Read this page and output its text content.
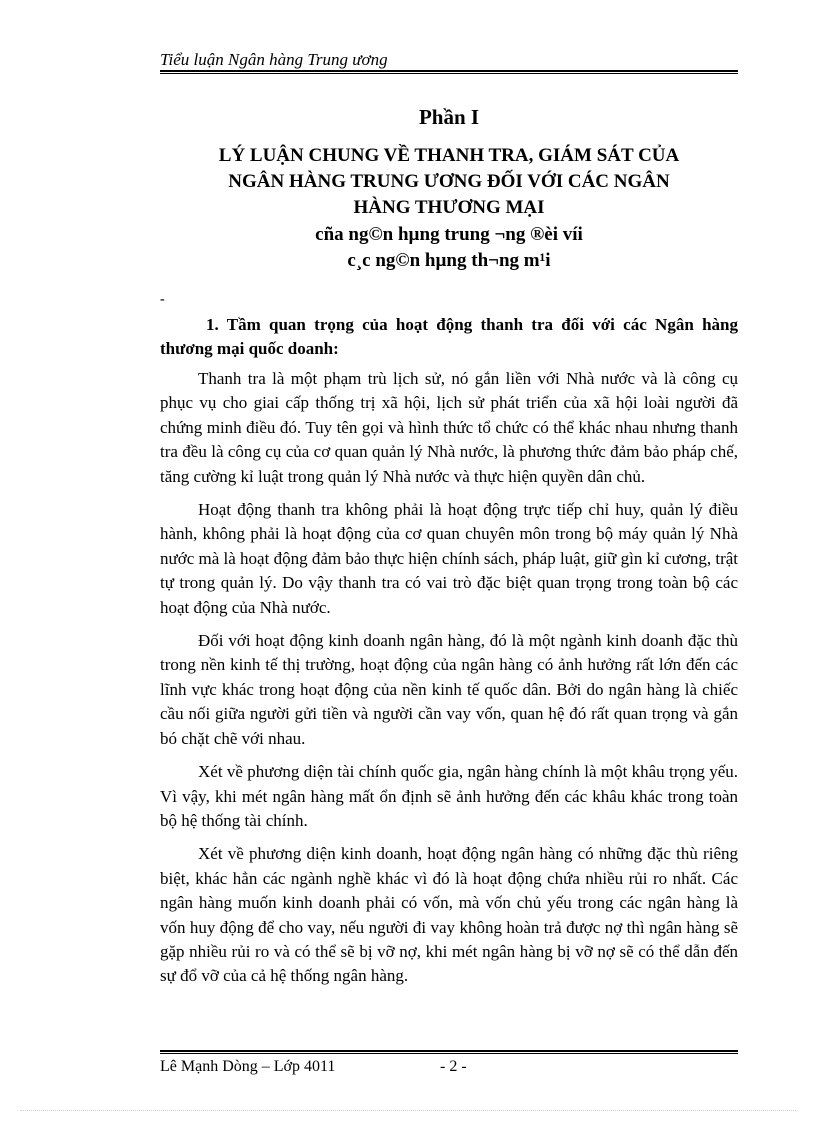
Tiểu luận Ngân hàng Trung ương
Phần I
LÝ LUẬN CHUNG VỀ THANH TRA, GIÁM SÁT CỦA
NGÂN HÀNG TRUNG ƯƠNG ĐỐI VỚI CÁC NGÂN
HÀNG THƯƠNG MẠI
cña ng©n hµng trung ¬ng ®èi víi
c¸c ng©n hµng th¬ng m¹i
-
1. Tầm quan trọng của hoạt động thanh tra đối với các Ngân hàng thương mại quốc doanh:

Thanh tra là một phạm trù lịch sử, nó gắn liền với Nhà nước và là công cụ phục vụ cho giai cấp thống trị xã hội, lịch sử phát triển của xã hội loài người đã chứng minh điều đó. Tuy tên gọi và hình thức tổ chức có thể khác nhau nhưng thanh tra đều là công cụ của cơ quan quản lý Nhà nước, là phương thức đảm bảo pháp chế, tăng cường kỉ luật trong quản lý Nhà nước và thực hiện quyền dân chủ.

Hoạt động thanh tra không phải là hoạt động trực tiếp chỉ huy, quản lý điều hành, không phải là hoạt động của cơ quan chuyên môn trong bộ máy quản lý Nhà nước mà là hoạt động đảm bảo thực hiện chính sách, pháp luật, giữ gìn kỉ cương, trật tự trong quản lý. Do vậy thanh tra có vai trò đặc biệt quan trọng trong toàn bộ các hoạt động của Nhà nước.

Đối với hoạt động kinh doanh ngân hàng, đó là một ngành kinh doanh đặc thù trong nền kinh tế thị trường, hoạt động của ngân hàng có ảnh hưởng rất lớn đến các lĩnh vực khác trong hoạt động của nền kinh tế quốc dân. Bởi do ngân hàng là chiếc cầu nối giữa người gửi tiền và người cần vay vốn, quan hệ đó rất quan trọng và gắn bó chặt chẽ với nhau.

Xét về phương diện tài chính quốc gia, ngân hàng chính là một khâu trọng yếu. Vì vậy, khi mét ngân hàng mất ổn định sẽ ảnh hưởng đến các khâu khác trong toàn bộ hệ thống tài chính.

Xét về phương diện kinh doanh, hoạt động ngân hàng có những đặc thù riêng biệt, khác hẳn các ngành nghề khác vì đó là hoạt động chứa nhiều rủi ro nhất. Các ngân hàng muốn kinh doanh phải có vốn, mà vốn chủ yếu trong các ngân hàng là vốn huy động để cho vay, nếu người đi vay không hoàn trả được nợ thì ngân hàng sẽ gặp nhiều rủi ro và có thể sẽ bị vỡ nợ, khi mét ngân hàng bị vỡ nợ sẽ có thể dẫn đến sự đổ vỡ của cả hệ thống ngân hàng.

Lê Mạnh Dòng – Lớp 4011	- 2 -
